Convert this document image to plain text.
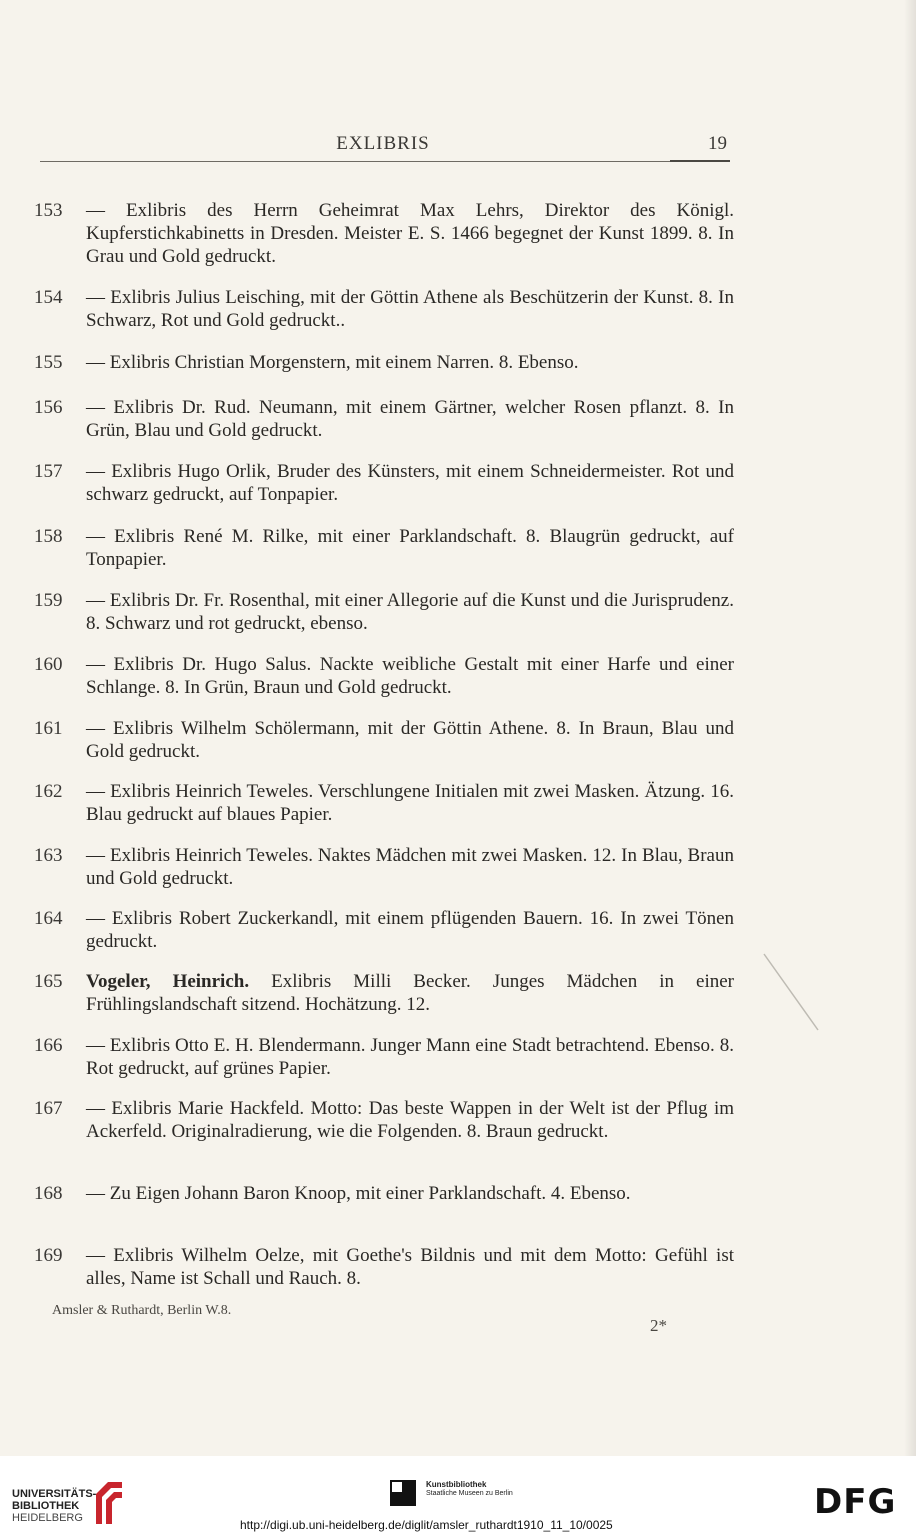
EXLIBRIS	19
153	— Exlibris des Herrn Geheimrat Max Lehrs, Direktor des Königl. Kupferstichkabinetts in Dresden. Meister E. S. 1466 begegnet der Kunst 1899. 8. In Grau und Gold gedruckt.
154	— Exlibris Julius Leisching, mit der Göttin Athene als Beschützerin der Kunst. 8. In Schwarz, Rot und Gold gedruckt..
155	— Exlibris Christian Morgenstern, mit einem Narren. 8. Ebenso.
156	— Exlibris Dr. Rud. Neumann, mit einem Gärtner, welcher Rosen pflanzt. 8. In Grün, Blau und Gold gedruckt.
157	— Exlibris Hugo Orlik, Bruder des Künsters, mit einem Schneidermeister. Rot und schwarz gedruckt, auf Tonpapier.
158	— Exlibris René M. Rilke, mit einer Parklandschaft. 8. Blaugrün gedruckt, auf Tonpapier.
159	— Exlibris Dr. Fr. Rosenthal, mit einer Allegorie auf die Kunst und die Jurisprudenz. 8. Schwarz und rot gedruckt, ebenso.
160	— Exlibris Dr. Hugo Salus. Nackte weibliche Gestalt mit einer Harfe und einer Schlange. 8. In Grün, Braun und Gold gedruckt.
161	— Exlibris Wilhelm Schölermann, mit der Göttin Athene. 8. In Braun, Blau und Gold gedruckt.
162	— Exlibris Heinrich Teweles. Verschlungene Initialen mit zwei Masken. Ätzung. 16. Blau gedruckt auf blaues Papier.
163	— Exlibris Heinrich Teweles. Naktes Mädchen mit zwei Masken. 12. In Blau, Braun und Gold gedruckt.
164	— Exlibris Robert Zuckerkandl, mit einem pflügenden Bauern. 16. In zwei Tönen gedruckt.
165	Vogeler, Heinrich. Exlibris Milli Becker. Junges Mädchen in einer Frühlingslandschaft sitzend. Hochätzung. 12.
166	— Exlibris Otto E. H. Blendermann. Junger Mann eine Stadt betrachtend. Ebenso. 8. Rot gedruckt, auf grünes Papier.
167	— Exlibris Marie Hackfeld. Motto: Das beste Wappen in der Welt ist der Pflug im Ackerfeld. Originalradierung, wie die Folgenden. 8. Braun gedruckt.
168	— Zu Eigen Johann Baron Knoop, mit einer Parklandschaft. 4. Ebenso.
169	— Exlibris Wilhelm Oelze, mit Goethe's Bildnis und mit dem Motto: Gefühl ist alles, Name ist Schall und Rauch. 8.
Amsler & Ruthardt, Berlin W.8.
2*
UNIVERSITÄTS-
BIBLIOTHEK
HEIDELBERG
Kunstbibliothek
Staatliche Museen zu Berlin	DFG
http://digi.ub.uni-heidelberg.de/diglit/amsler_ruthardt1910_11_10/0025
